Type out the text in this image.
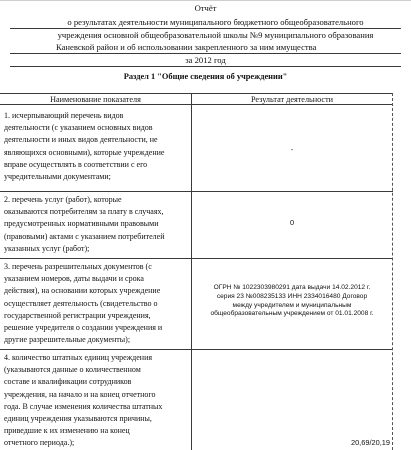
Отчёт
о результатах деятельности муниципального бюджетного общеобразовательного
учреждения основной общеобразовательной школы №9 муниципального образования
Каневской район и об использовании закрепленного за ним имущества
за 2012 год
Раздел 1 "Общие сведения об учреждении"
Наименование показателя	Результат деятельности
1. исчерпывающий перечень видов
деятельности (с указанием основных видов
деятельности и иных видов деятельности, не
являющихся основными), которые учреждение
вправе осуществлять в соответствии с его
учредительными документами;
-
2. перечень услуг (работ), которые
оказываются потребителям за плату в случаях,
предусмотренных нормативными правовыми
(правовыми) актами с указанием потребителей
указанных услуг (работ);
0
3. перечень разрешительных документов (с
указанием номеров, даты выдачи и срока
действия), на основании которых учреждение
осуществляет деятельность (свидетельство о
государственной регистрации учреждения,
решение учредителя о создании учреждения и
другие разрешительные документы);
ОГРН № 1022303980291 дата выдачи 14.02.2012 г.
серия 23 №008235133 ИНН 2334016480 Договор
между учредителем и муниципальным
общеобразовательным учреждением от 01.01.2008 г.
4. количество штатных единиц учреждения
(указываются данные о количественном
составе и квалификации сотрудников
учреждения, на начало и на конец отчетного
года. В случае изменения количества штатных
единиц учреждения указываются причины,
приведшие к их изменению на конец
отчетного периода.);	20,69/20,19
